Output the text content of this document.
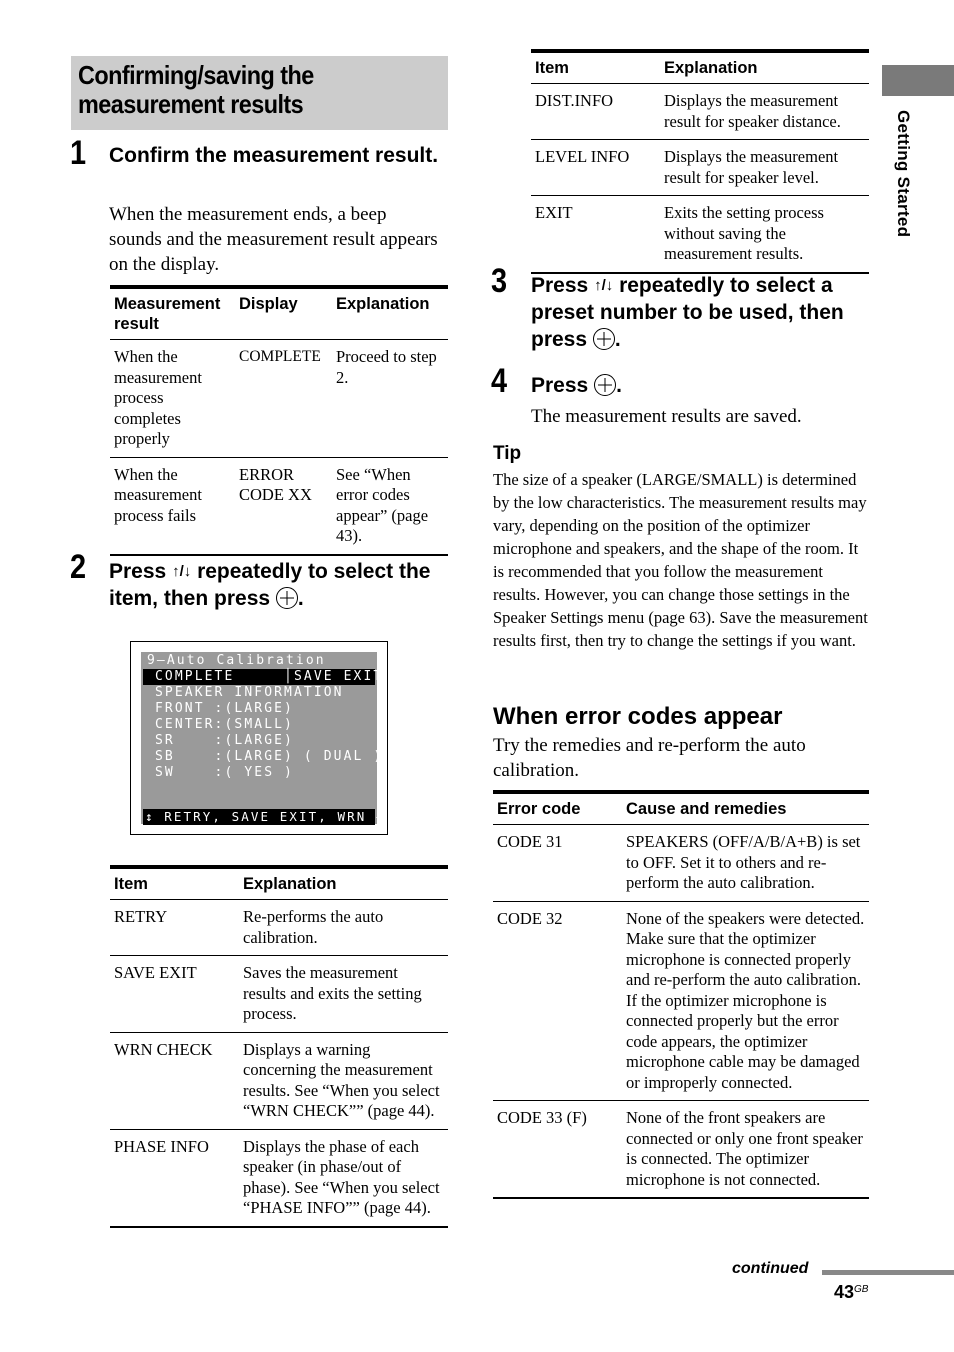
Confirming/saving the measurement results
Getting Started
1 Confirm the measurement result.
When the measurement ends, a beep sounds and the measurement result appears on the display.
Measurement result	Display	Explanation
When the measurement process completes properly	COMPLETE	Proceed to step 2.
When the measurement process fails	ERROR CODE XX	See “When error codes appear” (page 43).
2 Press ↑/↓ repeatedly to select the item, then press .
9—Auto Calibration
COMPLETE     │SAVE EXIT
SPEAKER INFORMATION
FRONT :(LARGE)
CENTER:(SMALL)
SR    :(LARGE)
SB    :(LARGE) ( DUAL )
SW    :( YES )
↕ RETRY, SAVE EXIT, WRN →
Item	Explanation
RETRY	Re-performs the auto calibration.
SAVE EXIT	Saves the measurement results and exits the setting process.
WRN CHECK	Displays a warning concerning the measurement results. See “When you select “WRN CHECK”” (page 44).
PHASE INFO	Displays the phase of each speaker (in phase/out of phase). See “When you select “PHASE INFO”” (page 44).
Item	Explanation
DIST.INFO	Displays the measurement result for speaker distance.
LEVEL INFO	Displays the measurement result for speaker level.
EXIT	Exits the setting process without saving the measurement results.
3 Press ↑/↓ repeatedly to select a preset number to be used, then press .
4 Press .
The measurement results are saved.
Tip
The size of a speaker (LARGE/SMALL) is determined by the low characteristics. The measurement results may vary, depending on the position of the optimizer microphone and speakers, and the shape of the room. It is recommended that you follow the measurement results. However, you can change those settings in the Speaker Settings menu (page 63). Save the measurement results first, then try to change the settings if you want.
When error codes appear
Try the remedies and re-perform the auto calibration.
Error code	Cause and remedies
CODE 31	SPEAKERS (OFF/A/B/A+B) is set to OFF. Set it to others and re-perform the auto calibration.
CODE 32	None of the speakers were detected. Make sure that the optimizer microphone is connected properly and re-perform the auto calibration.
If the optimizer microphone is connected properly but the error code appears, the optimizer microphone cable may be damaged or improperly connected.
CODE 33 (F)	None of the front speakers are connected or only one front speaker is connected. The optimizer microphone is not connected.
continued
$43^{GB}$
